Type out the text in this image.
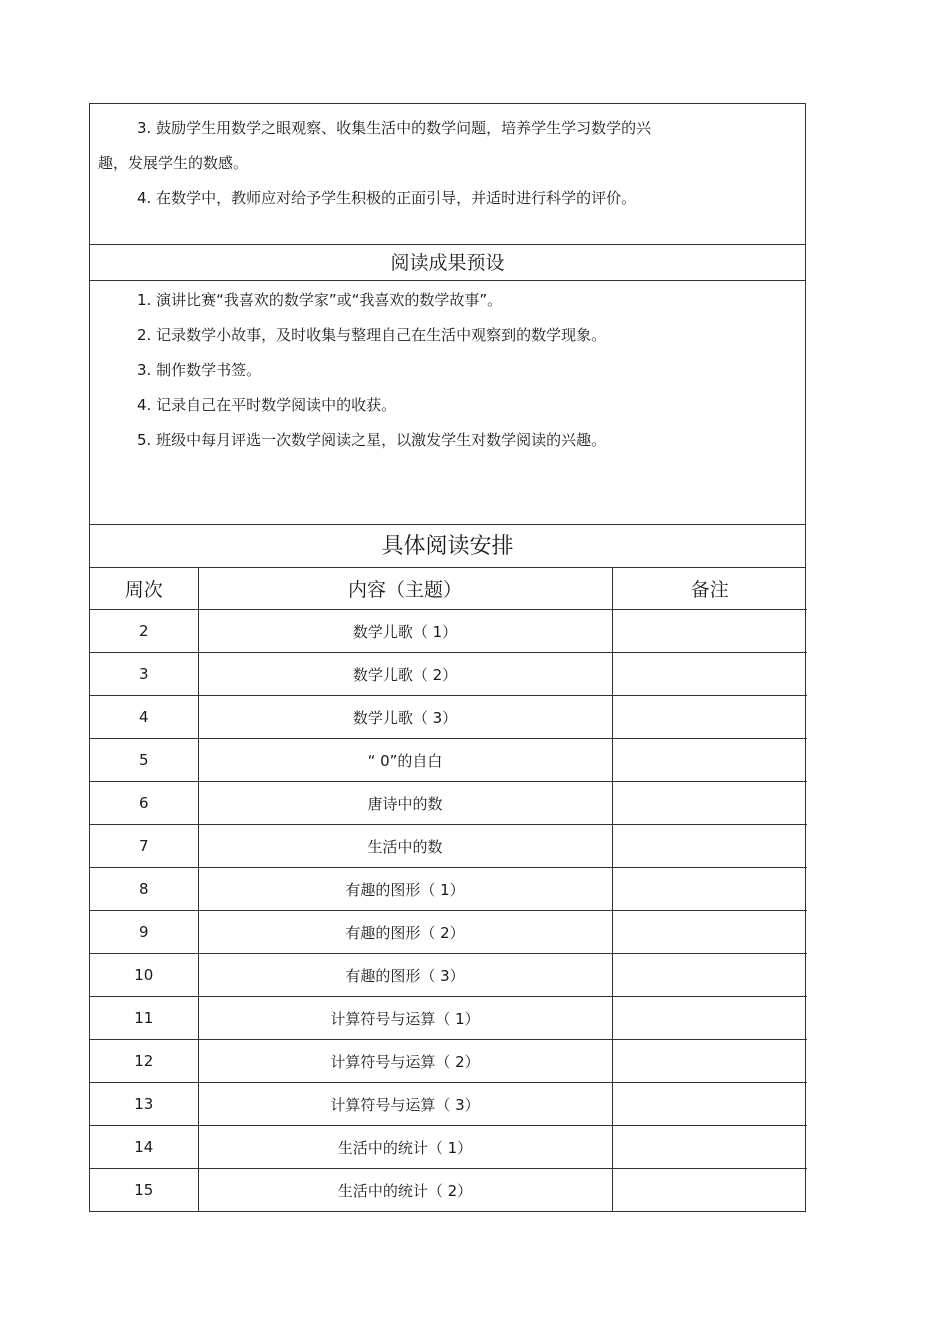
3. 鼓励学生用数学之眼观察、收集生活中的数学问题，培养学生学习数学的兴
趣，发展学生的数感。
4. 在数学中，教师应对给予学生积极的正面引导，并适时进行科学的评价。
阅读成果预设
1. 演讲比赛“我喜欢的数学家”或“我喜欢的数学故事”。
2. 记录数学小故事，及时收集与整理自己在生活中观察到的数学现象。
3. 制作数学书签。
4. 记录自己在平时数学阅读中的收获。
5. 班级中每月评选一次数学阅读之星，以激发学生对数学阅读的兴趣。
具体阅读安排
周次	内容（主题）	备注
2	数学儿歌（ 1）	
3	数学儿歌（ 2）	
4	数学儿歌（ 3）	
5	“ 0”的自白	
6	唐诗中的数	
7	生活中的数	
8	有趣的图形（ 1）	
9	有趣的图形（ 2）	
10	有趣的图形（ 3）	
11	计算符号与运算（ 1）	
12	计算符号与运算（ 2）	
13	计算符号与运算（ 3）	
14	生活中的统计（ 1）	
15	生活中的统计（ 2）	
